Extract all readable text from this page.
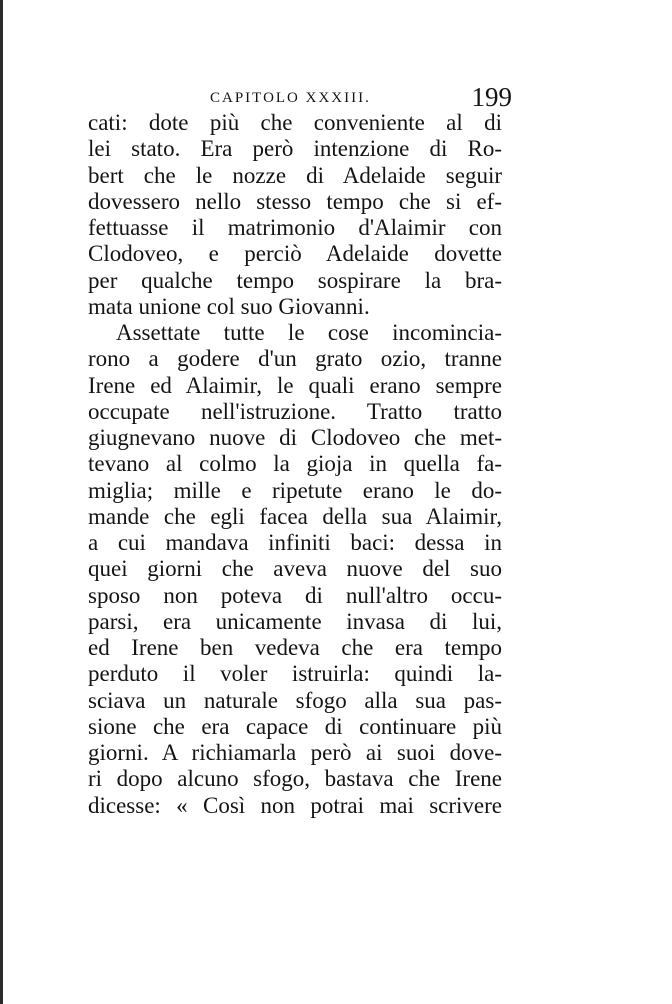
CAPITOLO XXXIII.	199
cati: dote più che conveniente al di
lei stato. Era però intenzione di Ro-
bert che le nozze di Adelaide seguir
dovessero nello stesso tempo che si ef-
fettuasse il matrimonio d'Alaimir con
Clodoveo, e perciò Adelaide dovette
per qualche tempo sospirare la bra-
mata unione col suo Giovanni.
Assettate tutte le cose incomincia-
rono a godere d'un grato ozio, tranne
Irene ed Alaimir, le quali erano sempre
occupate nell'istruzione. Tratto tratto
giugnevano nuove di Clodoveo che met-
tevano al colmo la gioja in quella fa-
miglia; mille e ripetute erano le do-
mande che egli facea della sua Alaimir,
a cui mandava infiniti baci: dessa in
quei giorni che aveva nuove del suo
sposo non poteva di null'altro occu-
parsi, era unicamente invasa di lui,
ed Irene ben vedeva che era tempo
perduto il voler istruirla: quindi la-
sciava un naturale sfogo alla sua pas-
sione che era capace di continuare più
giorni. A richiamarla però ai suoi dove-
ri dopo alcuno sfogo, bastava che Irene
dicesse: « Così non potrai mai scrivere
